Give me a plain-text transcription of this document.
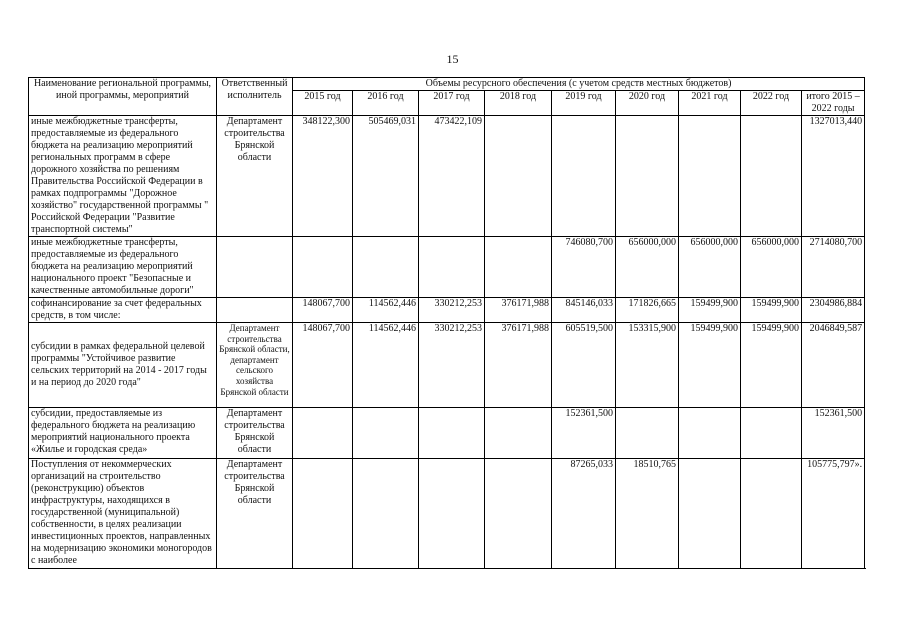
15
Наименование региональной программы, иной программы, мероприятий	Ответственный исполнитель	Объемы ресурсного обеспечения (с учетом средств местных бюджетов)								
		2015 год	2016 год	2017 год	2018 год	2019 год	2020 год	2021 год	2022 год	итого 2015 – 2022 годы
иные межбюджетные трансферты, предоставляемые из федерального бюджета на реализацию мероприятий региональных программ в сфере дорожного хозяйства по решениям Правительства Российской Федерации в рамках подпрограммы "Дорожное хозяйство" государственной программы " Российской Федерации "Развитие транспортной системы"	Департамент строительства Брянской области	348122,300	505469,031	473422,109						1327013,440
иные межбюджетные трансферты, предоставляемые из федерального бюджета на реализацию мероприятий национального проект "Безопасные и качественные автомобильные дороги"						746080,700	656000,000	656000,000	656000,000	2714080,700
софинансирование за счет федеральных средств, в том числе:		148067,700	114562,446	330212,253	376171,988	845146,033	171826,665	159499,900	159499,900	2304986,884
субсидии в рамках федеральной целевой программы "Устойчивое развитие сельских территорий на 2014 - 2017 годы и на период до 2020 года"	Департамент строительства Брянской области, департамент сельского хозяйства Брянской области	148067,700	114562,446	330212,253	376171,988	605519,500	153315,900	159499,900	159499,900	2046849,587
субсидии, предоставляемые из федерального бюджета на реализацию мероприятий национального проекта «Жилье и городская среда»	Департамент строительства Брянской области					152361,500				152361,500
Поступления от некоммерческих организаций на строительство (реконструкцию) объектов инфраструктуры, находящихся в государственной (муниципальной) собственности, в целях реализации инвестиционных проектов, направленных на модернизацию экономики моногородов с наиболее	Департамент строительства Брянской области					87265,033	18510,765			105775,797».
